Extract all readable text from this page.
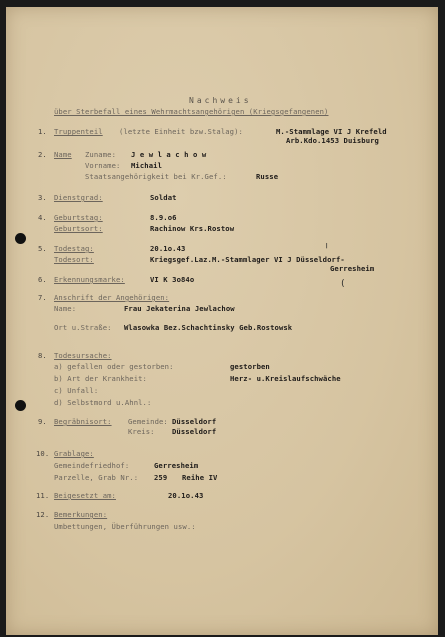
Nachweis
über Sterbefall eines Wehrmachtsangehörigen (Kriegsgefangenen)
1. Truppenteil (letzte Einheit bzw.Stalag):	M.-Stammlage VI J Krefeld
Arb.Kdo.1453 Duisburg
2. Name Zuname: J e w l a c h o w
Vorname: Michail
Staatsangehörigkeit bei Kr.Gef.:	Russe
3. Dienstgrad:	Soldat
4. Geburtstag:	8.9.o6
Geburtsort:	Rachinow Krs.Rostow
5. Todestag:	20.1o.43
Todesort:	Kriegsgef.Laz.M.-Stammlager VI J Düsseldorf-
Gerresheim
╷
(
6. Erkennungsmarke:	VI K 3o84o
7. Anschrift der Angehörigen:
Name:	Frau Jekaterina Jewlachow
Ort u.Straße: Wlasowka Bez.Schachtinsky Geb.Rostowsk
8. Todesursache:
a) gefallen oder gestorben:	gestorben
b) Art der Krankheit:	Herz- u.Kreislaufschwäche
c) Unfall:
d) Selbstmord u.Ahnl.:
9. Begräbnisort: Gemeinde: Düsseldorf
Kreis: Düsseldorf
10. Grablage:
Gemeindefriedhof:	Gerresheim
Parzelle, Grab Nr.: 259 Reihe IV
11. Beigesetzt am:	20.1o.43
12. Bemerkungen:
Umbettungen, Überführungen usw.:
